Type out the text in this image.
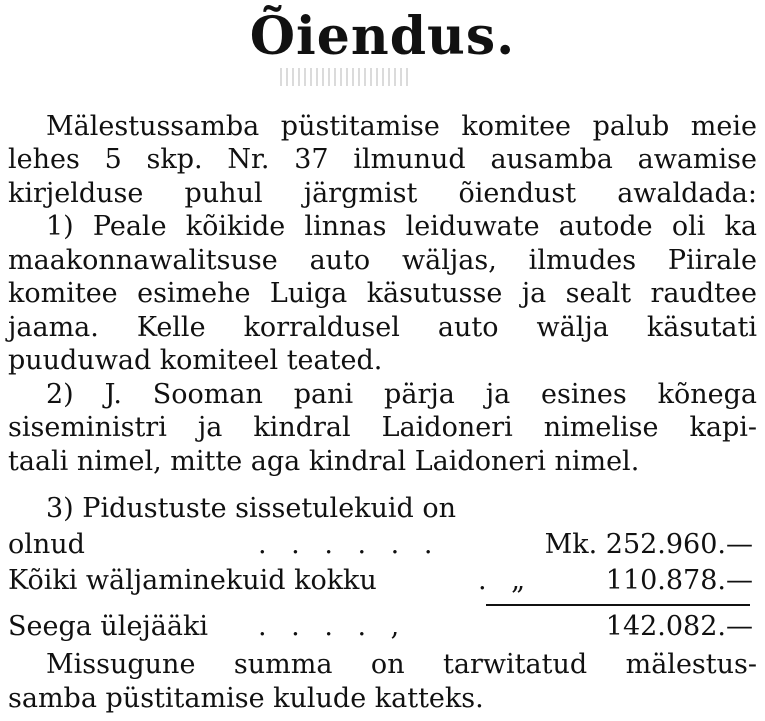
Õiendus.
Mälestussamba püstitamise komitee palub meie
lehes 5 skp. Nr. 37 ilmunud ausamba awamise
kirjelduse puhul järgmist õiendust awaldada:
1) Peale kõikide linnas leiduwate autode oli ka
maakonnawalitsuse auto wäljas, ilmudes Piirale
komitee esimehe Luiga käsutusse ja sealt raudtee
jaama. Kelle korraldusel auto wälja käsutati
puuduwad komiteel teated.
2) J. Sooman pani pärja ja esines kõnega
siseministri ja kindral Laidoneri nimelise kapi-
taali nimel, mitte aga kindral Laidoneri nimel.
3) Pidustuste sissetulekuid on
olnud	. . . . . .	Mk. 252.960.—
Kõiki wäljaminekuid kokku	. „	110.878.—
Seega ülejääki . . . . ,	142.082.—
Missugune summa on tarwitatud mälestus-
samba püstitamise kulude katteks.
